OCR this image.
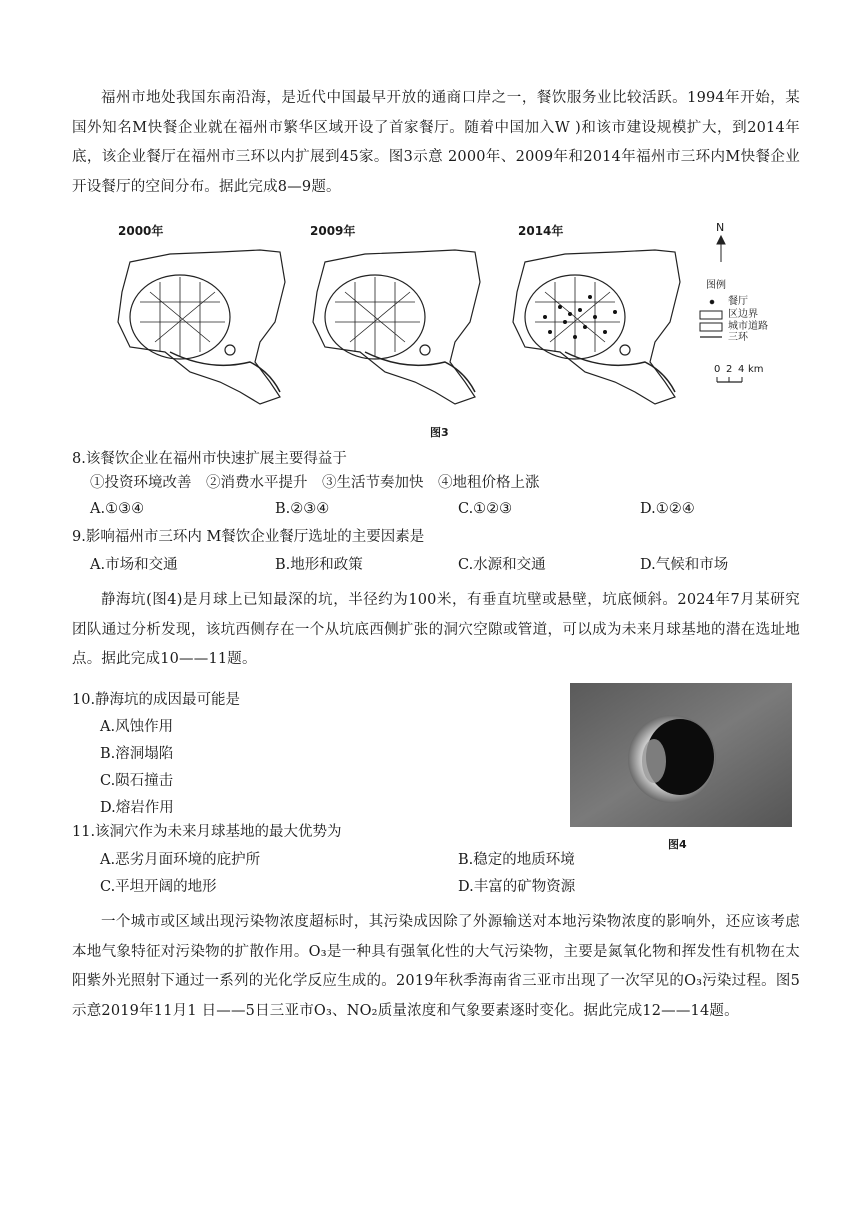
福州市地处我国东南沿海，是近代中国最早开放的通商口岸之一，餐饮服务业比较活跃。1994年开始，某国外知名M快餐企业就在福州市繁华区域开设了首家餐厅。随着中国加入W )和该市建设规模扩大，到2014年底，该企业餐厅在福州市三环以内扩展到45家。图3示意 2000年、2009年和2014年福州市三环内M快餐企业开设餐厅的空间分布。据此完成8—9题。
2000年	2009年	2014年	N
图例
餐厅
区边界
城市道路
三环
0 2 4 km
图3
8.该餐饮企业在福州市快速扩展主要得益于
①投资环境改善　②消费水平提升　③生活节奏加快　④地租价格上涨
A.①③④	B.②③④	C.①②③	D.①②④
9.影响福州市三环内 M餐饮企业餐厅选址的主要因素是
A.市场和交通	B.地形和政策	C.水源和交通	D.气候和市场
静海坑(图4)是月球上已知最深的坑，半径约为100米，有垂直坑壁或悬壁，坑底倾斜。2024年7月某研究团队通过分析发现，该坑西侧存在一个从坑底西侧扩张的洞穴空隙或管道，可以成为未来月球基地的潜在选址地点。据此完成10——11题。
10.静海坑的成因最可能是
A.风蚀作用
B.溶洞塌陷
C.陨石撞击
D.熔岩作用
图4
11.该洞穴作为未来月球基地的最大优势为
A.恶劣月面环境的庇护所	B.稳定的地质环境
C.平坦开阔的地形	D.丰富的矿物资源
一个城市或区域出现污染物浓度超标时，其污染成因除了外源输送对本地污染物浓度的影响外，还应该考虑本地气象特征对污染物的扩散作用。O₃是一种具有强氧化性的大气污染物，主要是氮氧化物和挥发性有机物在太阳紫外光照射下通过一系列的光化学反应生成的。2019年秋季海南省三亚市出现了一次罕见的O₃污染过程。图5示意2019年11月1 日——5日三亚市O₃、NO₂质量浓度和气象要素逐时变化。据此完成12——14题。
